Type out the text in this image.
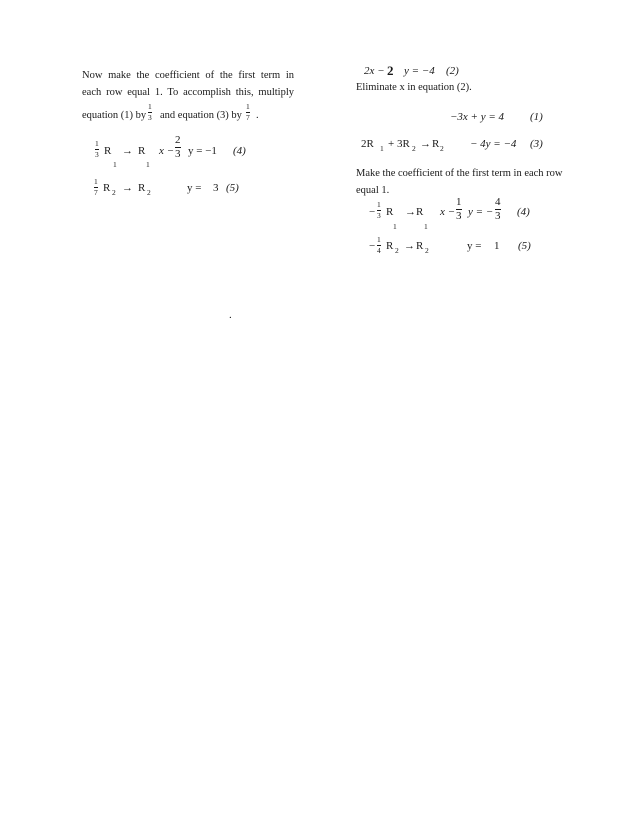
Now make the coefficient of the first term in
each row equal 1. To accomplish this, multiply
equation (1) by
1
3 and equation (3) by
1
7 .
1
3 R
1
→ R
1
x −
2
3 y = −1 (4)
1
7 R 2 → R 2	y = 3 (5)
.
2x − 2 y = −4 (2)
Eliminate x in equation (2).
−3x + y = 4 (1)
2R 1 + 3R 2 → R 2 − 4y = −4 (3)
Make the coefficient of the first term in each row
equal 1.
−
1
3 R
1
→ R
1
x −
1
3 y = −
4
3 (4)
−
1
4 R 2 → R 2	y = 1 (5)
